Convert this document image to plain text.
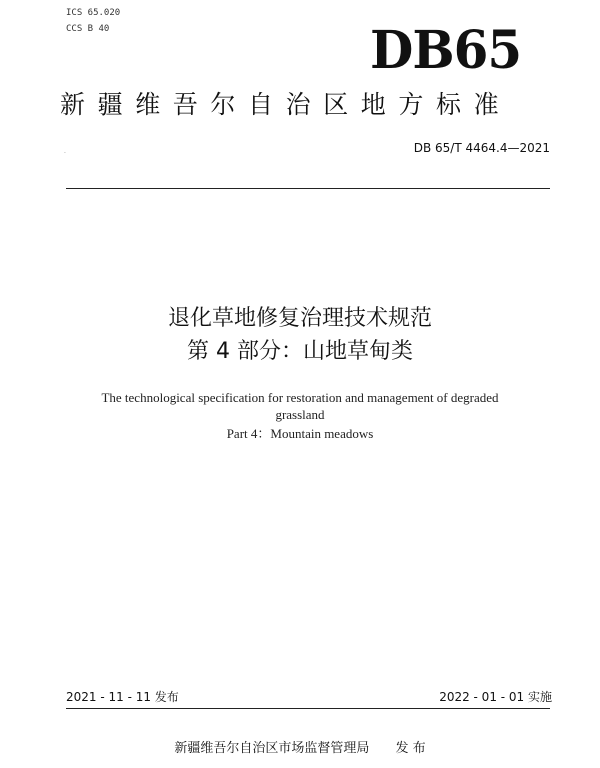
ICS 65.020
CCS B 40	DB65
新疆维吾尔自治区地方标准
·	DB 65/T 4464.4—2021
退化草地修复治理技术规范
第 4 部分：山地草甸类
The technological specification for restoration and management of degraded
grassland
Part 4：Mountain meadows
2021 - 11 - 11 发布	2022 - 01 - 01 实施
新疆维吾尔自治区市场监督管理局 发 布
